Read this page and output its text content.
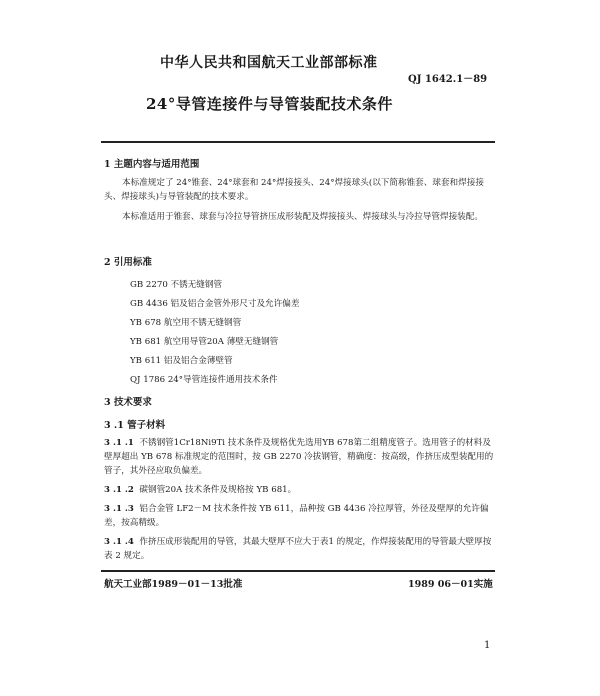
中华人民共和国航天工业部部标准
QJ 1642.1－89
24°导管连接件与导管装配技术条件
1 主题内容与适用范围
本标准规定了 24°锥套、24°球套和 24°焊接接头、24°焊接球头(以下简称锥套、球套和焊接接头、焊接球头)与导管装配的技术要求。
本标准适用于锥套、球套与冷拉导管挤压成形装配及焊接接头、焊接球头与冷拉导管焊接装配。
2 引用标准
GB 2270 不锈无缝钢管
GB 4436 铝及铝合金管外形尺寸及允许偏差
YB 678 航空用不锈无缝钢管
YB 681 航空用导管20A 薄壁无缝钢管
YB 611 铝及铝合金薄壁管
QJ 1786 24°导管连接件通用技术条件
3 技术要求
3 .1 管子材料
3 .1 .1 不锈钢管1Cr18Ni9Ti 技术条件及规格优先选用YB 678第二组精度管子。选用管子的材料及壁厚超出 YB 678 标准规定的范围时，按 GB 2270 冷拔钢管，精确度：按高级，作挤压成型装配用的管子，其外径应取负偏差。
3 .1 .2 碳钢管20A 技术条件及规格按 YB 681。
3 .1 .3 铝合金管 LF2－M 技术条件按 YB 611，品种按 GB 4436 冷拉厚管，外径及壁厚的允许偏差，按高精级。
3 .1 .4 作挤压成形装配用的导管，其最大壁厚不应大于表1 的规定，作焊接装配用的导管最大壁厚按表 2 规定。
航天工业部1989－01－13批准	1989 06－01实施
1
